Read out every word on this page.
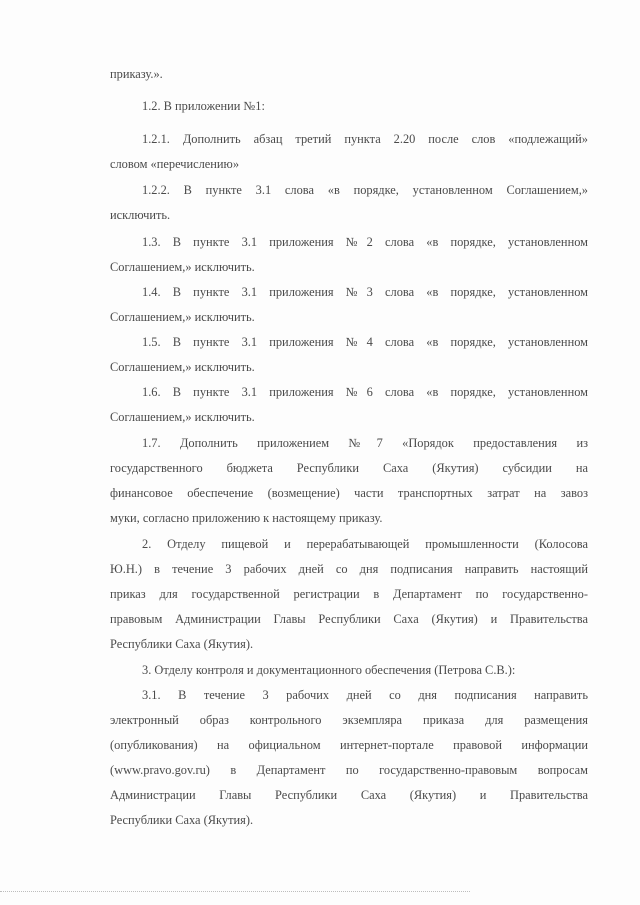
приказу.».
1.2. В приложении №1:
1.2.1. Дополнить абзац третий пункта 2.20 после слов «подлежащий»
словом «перечислению»
1.2.2. В пункте 3.1 слова «в порядке, установленном Соглашением,»
исключить.
1.3. В пункте 3.1 приложения №2 слова «в порядке, установленном
Соглашением,» исключить.
1.4. В пункте 3.1 приложения №3 слова «в порядке, установленном
Соглашением,» исключить.
1.5. В пункте 3.1 приложения №4 слова «в порядке, установленном
Соглашением,» исключить.
1.6. В пункте 3.1 приложения №6 слова «в порядке, установленном
Соглашением,» исключить.
1.7. Дополнить приложением №7 «Порядок предоставления из
государственного бюджета Республики Саха (Якутия) субсидии на
финансовое обеспечение (возмещение) части транспортных затрат на завоз
муки, согласно приложению к настоящему приказу.
2. Отделу пищевой и перерабатывающей промышленности (Колосова
Ю.Н.) в течение 3 рабочих дней со дня подписания направить настоящий
приказ для государственной регистрации в Департамент по государственно-
правовым Администрации Главы Республики Саха (Якутия) и Правительства
Республики Саха (Якутия).
3. Отделу контроля и документационного обеспечения (Петрова С.В.):
3.1. В течение 3 рабочих дней со дня подписания направить
электронный образ контрольного экземпляра приказа для размещения
(опубликования) на официальном интернет-портале правовой информации
(www.pravo.gov.ru) в Департамент по государственно-правовым вопросам
Администрации Главы Республики Саха (Якутия) и Правительства
Республики Саха (Якутия).
